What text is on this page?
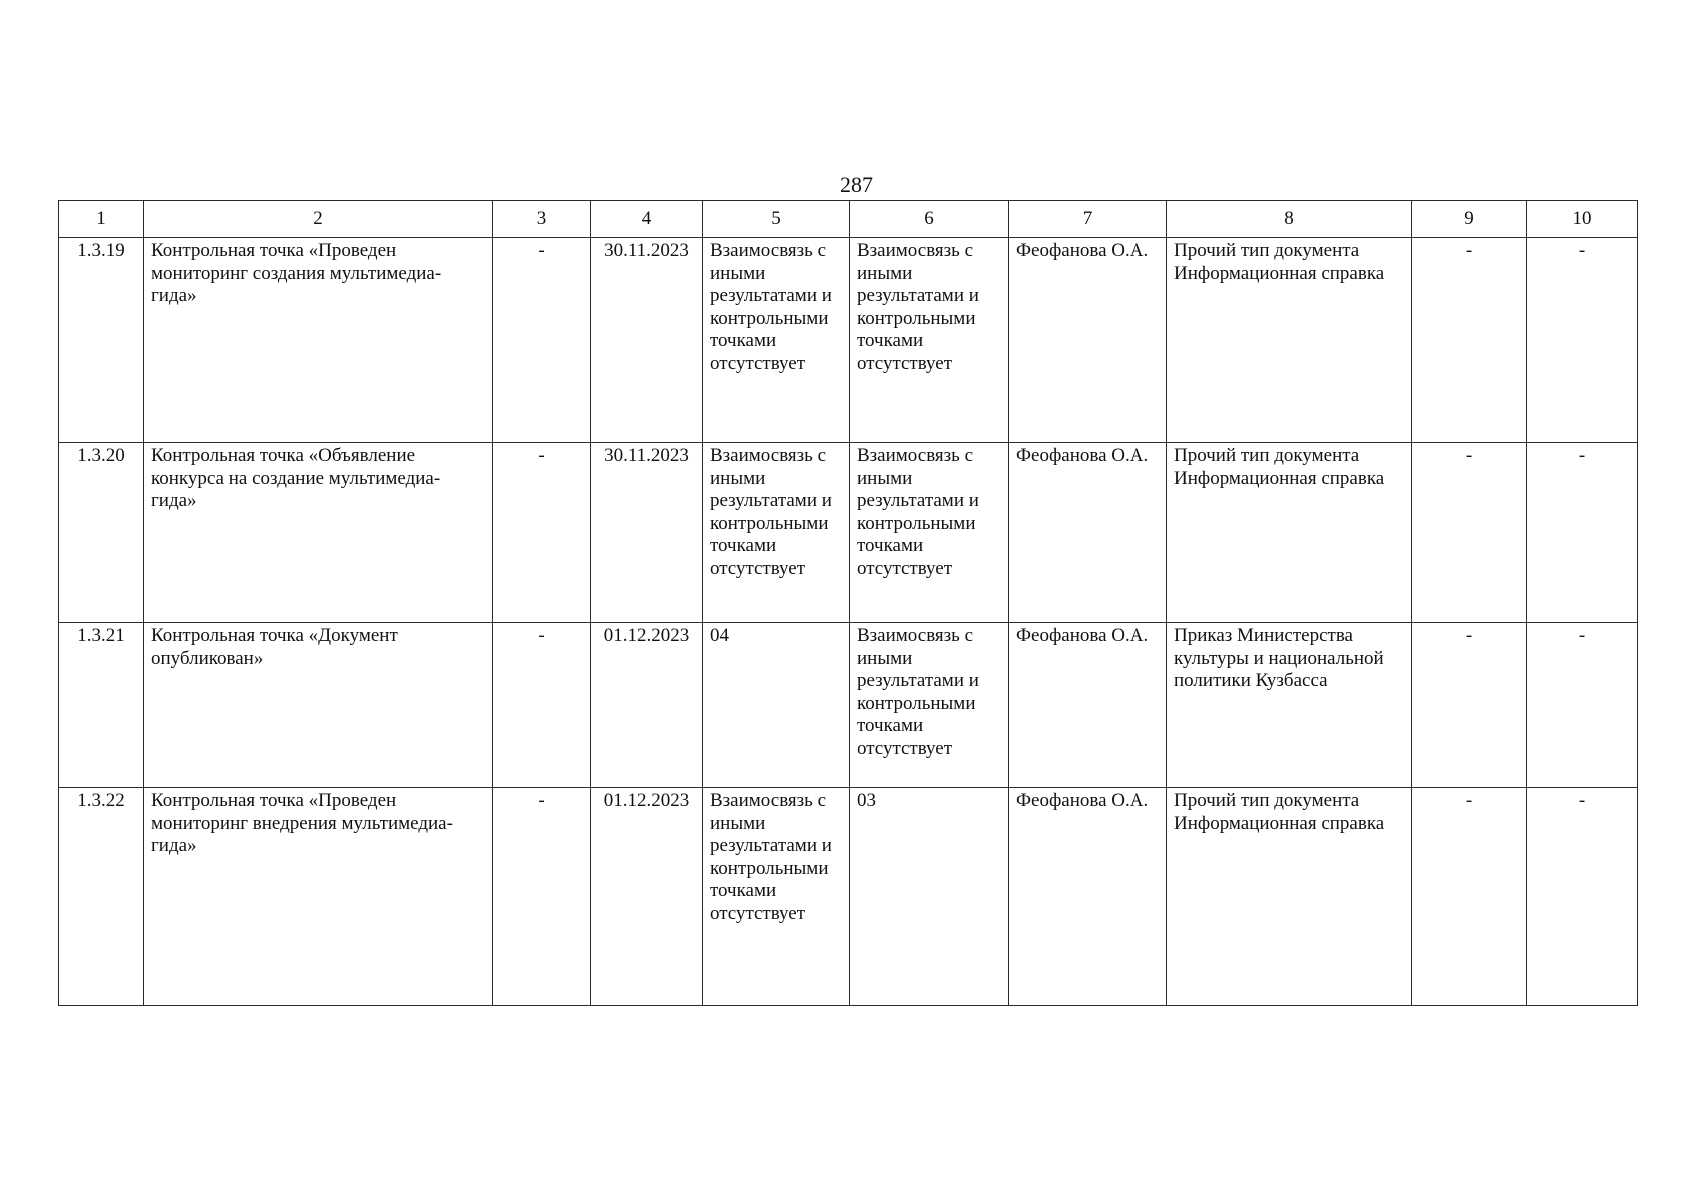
287
1	2	3	4	5	6	7	8	9	10
1.3.19	Контрольная точка «Проведен мониторинг создания мультимедиа-гида»	-	30.11.2023	Взаимосвязь с иными результатами и контрольными точками отсутствует	Взаимосвязь с иными результатами и контрольными точками отсутствует	Феофанова О.А.	Прочий тип документа Информационная справка	-	-
1.3.20	Контрольная точка «Объявление конкурса на создание мультимедиа-гида»	-	30.11.2023	Взаимосвязь с иными результатами и контрольными точками отсутствует	Взаимосвязь с иными результатами и контрольными точками отсутствует	Феофанова О.А.	Прочий тип документа Информационная справка	-	-
1.3.21	Контрольная точка «Документ опубликован»	-	01.12.2023	04	Взаимосвязь с иными результатами и контрольными точками отсутствует	Феофанова О.А.	Приказ Министерства культуры и национальной политики Кузбасса	-	-
1.3.22	Контрольная точка «Проведен мониторинг внедрения мультимедиа-гида»	-	01.12.2023	Взаимосвязь с иными результатами и контрольными точками отсутствует	03	Феофанова О.А.	Прочий тип документа Информационная справка	-	-
